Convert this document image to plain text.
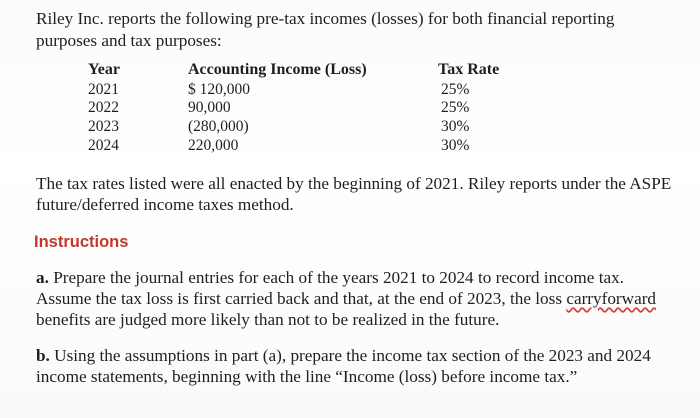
Riley Inc. reports the following pre-tax incomes (losses) for both financial reporting purposes and tax purposes:

Year
2021
2022
2023
2024
Accounting Income (Loss)
$ 120,000
90,000
(280,000)
220,000
Tax Rate
25%
25%
30%
30%

The tax rates listed were all enacted by the beginning of 2021. Riley reports under the ASPE future/deferred income taxes method.

Instructions

a. Prepare the journal entries for each of the years 2021 to 2024 to record income tax. Assume the tax loss is first carried back and that, at the end of 2023, the loss carryforward benefits are judged more likely than not to be realized in the future.

b. Using the assumptions in part (a), prepare the income tax section of the 2023 and 2024 income statements, beginning with the line “Income (loss) before income tax.”
